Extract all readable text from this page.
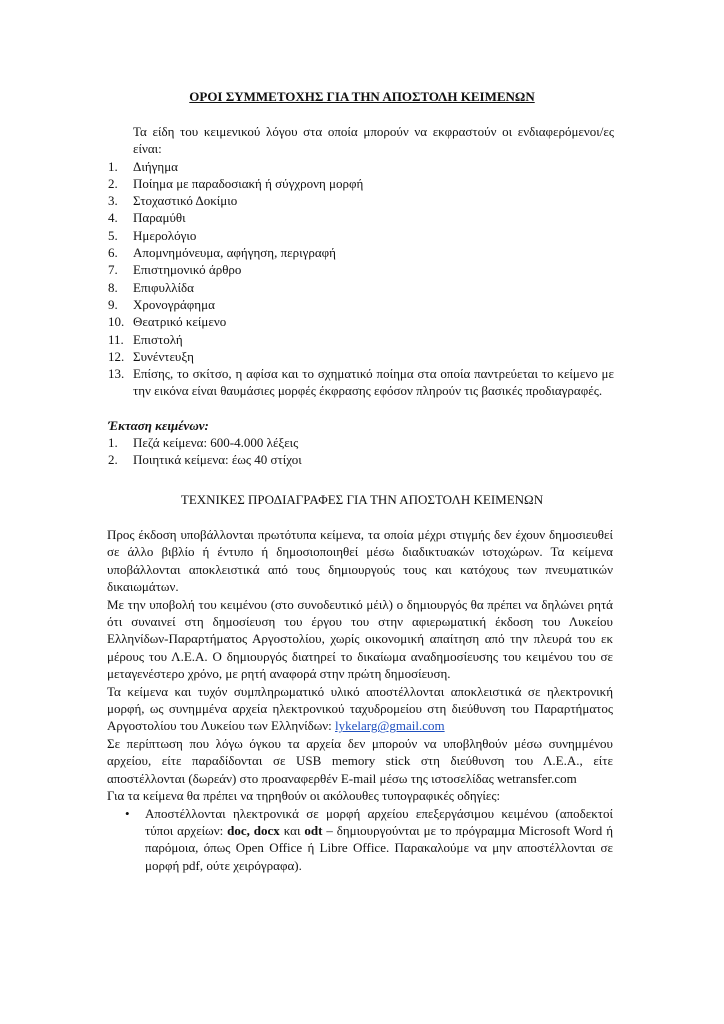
ΟΡΟΙ ΣΥΜΜΕΤΟΧΗΣ ΓΙΑ ΤΗΝ ΑΠΟΣΤΟΛΗ ΚΕΙΜΕΝΩΝ

Τα είδη του κειμενικού λόγου στα οποία μπορούν να εκφραστούν οι ενδιαφερόμενοι/ες είναι:

1. Διήγημα
2. Ποίημα με παραδοσιακή ή σύγχρονη μορφή
3. Στοχαστικό Δοκίμιο
4. Παραμύθι
5. Ημερολόγιο
6. Απομνημόνευμα, αφήγηση, περιγραφή
7. Επιστημονικό άρθρο
8. Επιφυλλίδα
9. Χρονογράφημα
10. Θεατρικό κείμενο
11. Επιστολή
12. Συνέντευξη
13. Επίσης, το σκίτσο, η αφίσα και το σχηματικό ποίημα στα οποία παντρεύεται το κείμενο με την εικόνα είναι θαυμάσιες μορφές έκφρασης εφόσον πληρούν τις βασικές προδιαγραφές.
Έκταση κειμένων:
1. Πεζά κείμενα: 600-4.000 λέξεις
2. Ποιητικά κείμενα: έως 40 στίχοι
ΤΕΧΝΙΚΕΣ ΠΡΟΔΙΑΓΡΑΦΕΣ ΓΙΑ ΤΗΝ ΑΠΟΣΤΟΛΗ ΚΕΙΜΕΝΩΝ

Προς έκδοση υποβάλλονται πρωτότυπα κείμενα, τα οποία μέχρι στιγμής δεν έχουν δημοσιευθεί σε άλλο βιβλίο ή έντυπο ή δημοσιοποιηθεί μέσω διαδικτυακών ιστοχώρων. Τα κείμενα υποβάλλονται αποκλειστικά από τους δημιουργούς τους και κατόχους των πνευματικών δικαιωμάτων.

Με την υποβολή του κειμένου (στο συνοδευτικό μέιλ) ο δημιουργός θα πρέπει να δηλώνει ρητά ότι συναινεί στη δημοσίευση του έργου του στην αφιερωματική έκδοση του Λυκείου Ελληνίδων-Παραρτήματος Αργοστολίου, χωρίς οικονομική απαίτηση από την πλευρά του εκ μέρους του Λ.Ε.Α. Ο δημιουργός διατηρεί το δικαίωμα αναδημοσίευσης του κειμένου του σε μεταγενέστερο χρόνο, με ρητή αναφορά στην πρώτη δημοσίευση.

Τα κείμενα και τυχόν συμπληρωματικό υλικό αποστέλλονται αποκλειστικά σε ηλεκτρονική μορφή, ως συνημμένα αρχεία ηλεκτρονικού ταχυδρομείου στη διεύθυνση του Παραρτήματος Αργοστολίου του Λυκείου των Ελληνίδων: lykelarg@gmail.com

Σε περίπτωση που λόγω όγκου τα αρχεία δεν μπορούν να υποβληθούν μέσω συνημμένου αρχείου, είτε παραδίδονται σε USB memory stick στη διεύθυνση του Λ.Ε.Α., είτε αποστέλλονται (δωρεάν) στο προαναφερθέν E-mail μέσω της ιστοσελίδας wetransfer.com

Για τα κείμενα θα πρέπει να τηρηθούν οι ακόλουθες τυπογραφικές οδηγίες:

• Αποστέλλονται ηλεκτρονικά σε μορφή αρχείου επεξεργάσιμου κειμένου (αποδεκτοί τύποι αρχείων: doc, docx και odt – δημιουργούνται με το πρόγραμμα Microsoft Word ή παρόμοια, όπως Open Office ή Libre Office. Παρακαλούμε να μην αποστέλλονται σε μορφή pdf, ούτε χειρόγραφα).
